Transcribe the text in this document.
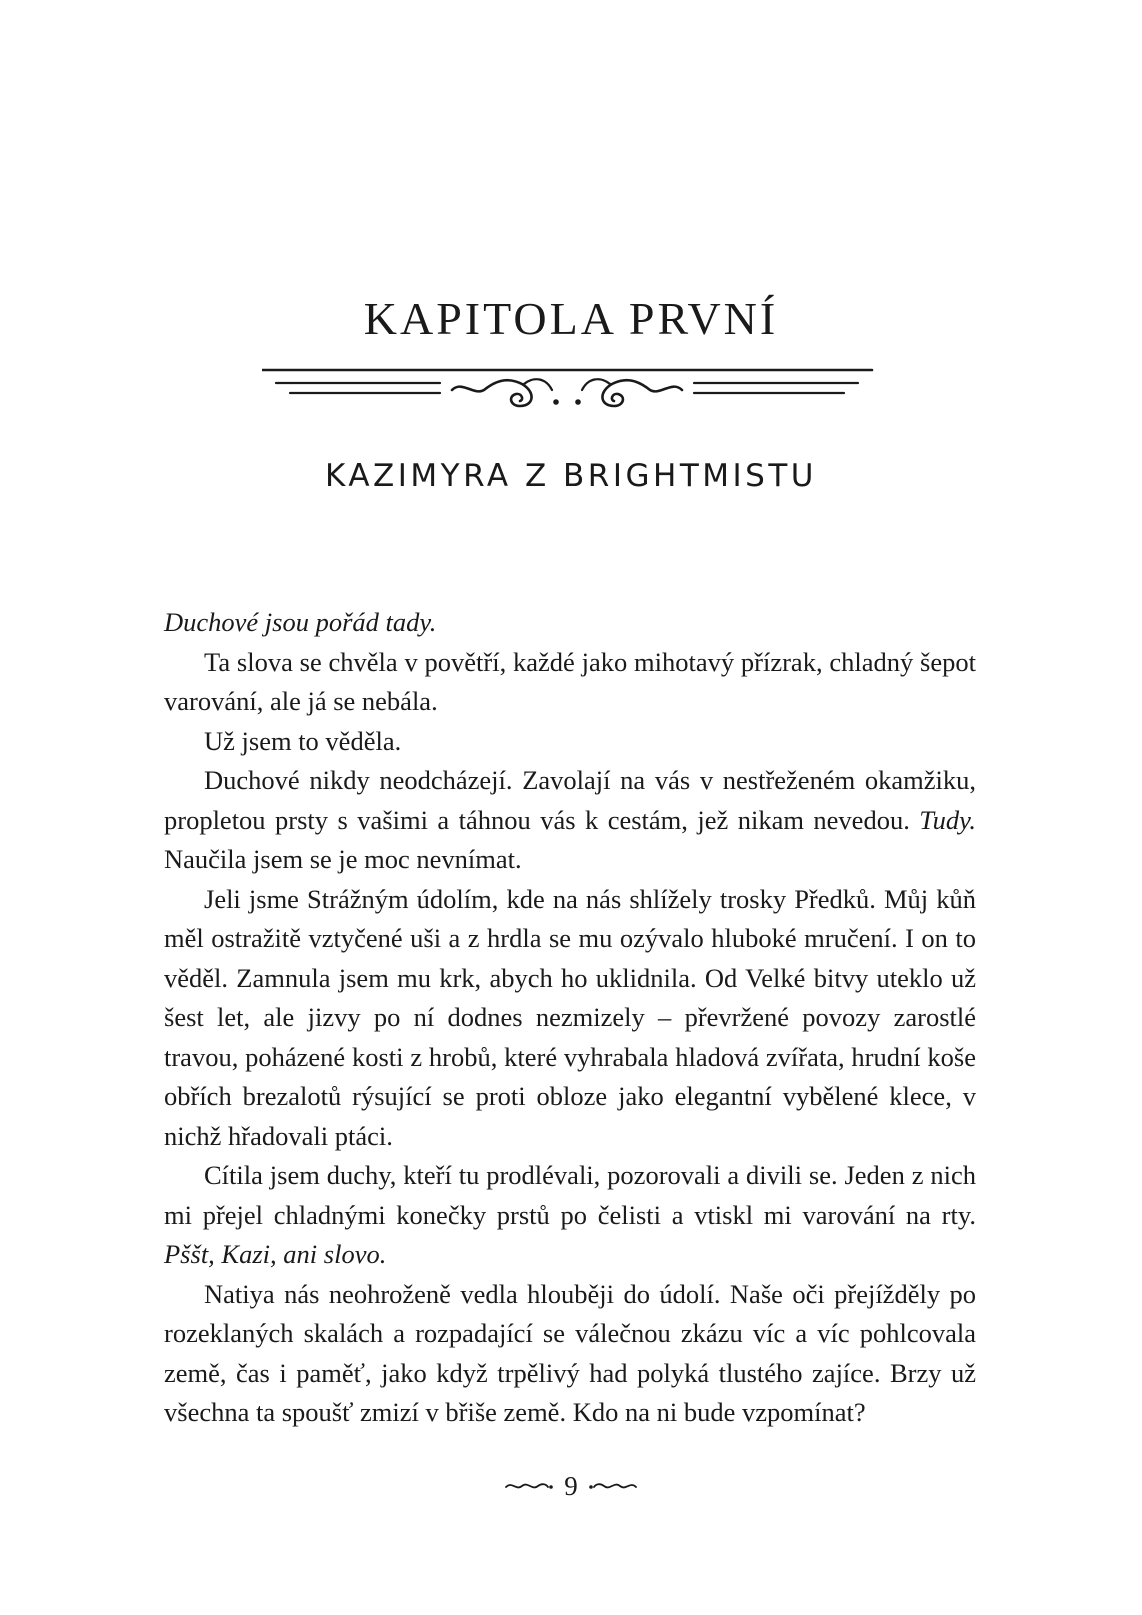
KAPITOLA PRVNÍ
KAZIMYRA Z BRIGHTMISTU

Duchové jsou pořád tady.

Ta slova se chvěla v povětří, každé jako mihotavý přízrak, chladný šepot varování, ale já se nebála.

Už jsem to věděla.

Duchové nikdy neodcházejí. Zavolají na vás v nestřeženém okamžiku, propletou prsty s vašimi a táhnou vás k cestám, jež nikam nevedou. Tudy. Naučila jsem se je moc nevnímat.

Jeli jsme Strážným údolím, kde na nás shlížely trosky Předků. Můj kůň měl ostražitě vztyčené uši a z hrdla se mu ozývalo hluboké mručení. I on to věděl. Zamnula jsem mu krk, abych ho uklidnila. Od Velké bitvy uteklo už šest let, ale jizvy po ní dodnes nezmizely – převržené povozy zarostlé travou, poházené kosti z hrobů, které vyhrabala hladová zvířata, hrudní koše obřích brezalotů rýsující se proti obloze jako elegantní vybělené klece, v nichž hřadovali ptáci.

Cítila jsem duchy, kteří tu prodlévali, pozorovali a divili se. Jeden z nich mi přejel chladnými konečky prstů po čelisti a vtiskl mi varování na rty. Pššt, Kazi, ani slovo.

Natiya nás neohroženě vedla hlouběji do údolí. Naše oči přejížděly po rozeklaných skalách a rozpadající se válečnou zkázu víc a víc pohlcovala země, čas i paměť, jako když trpělivý had polyká tlustého zajíce. Brzy už všechna ta spoušť zmizí v břiše země. Kdo na ni bude vzpomínat?

9
